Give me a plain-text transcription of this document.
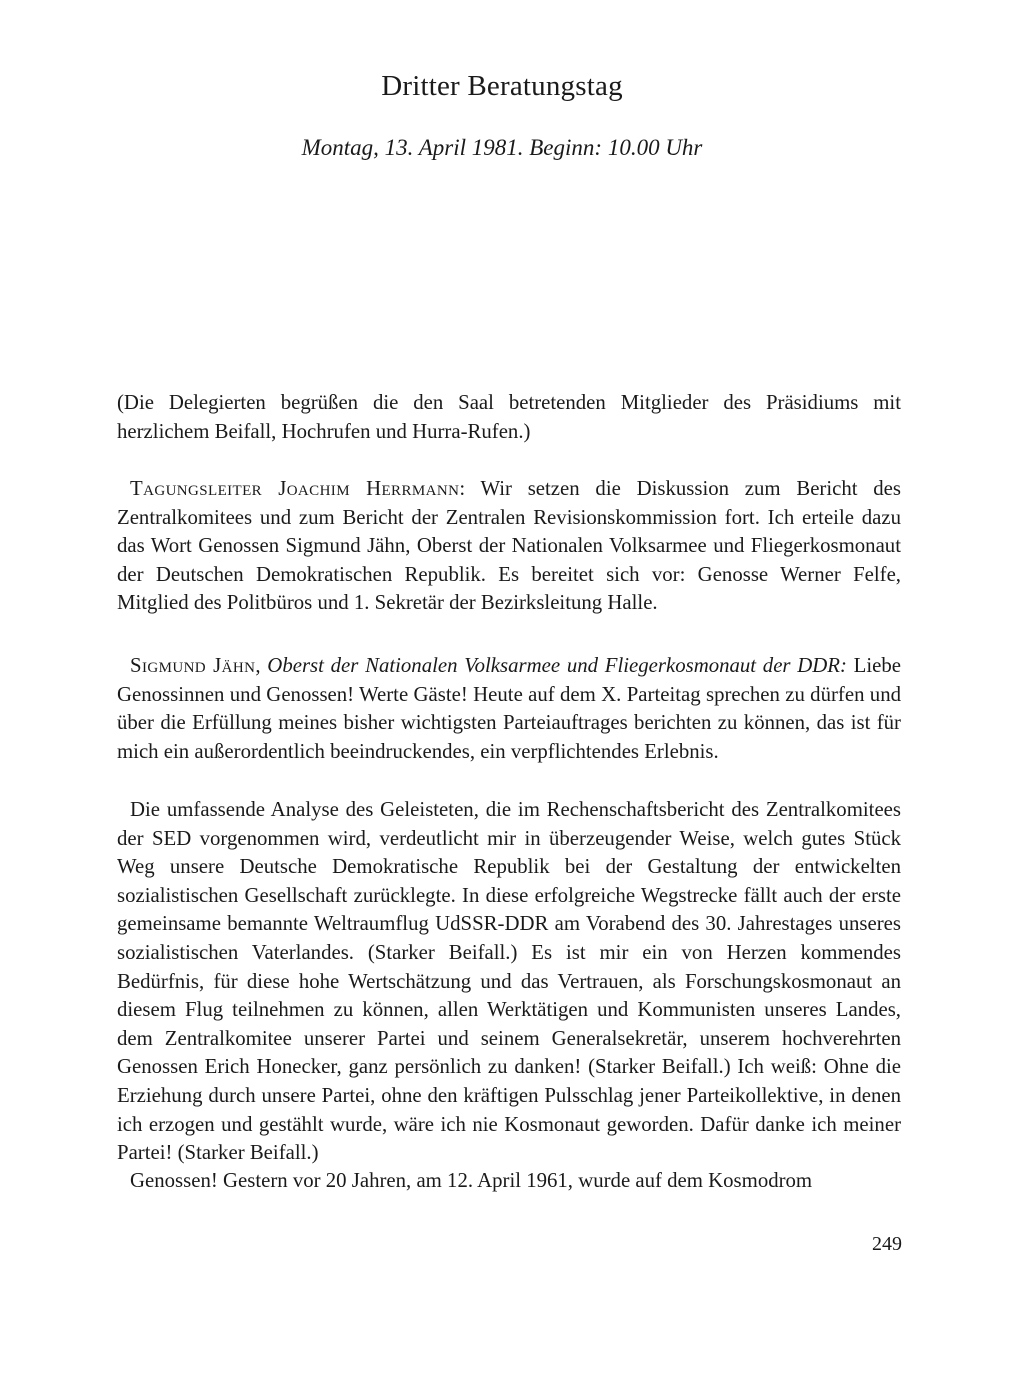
Dritter Beratungstag
Montag, 13. April 1981. Beginn: 10.00 Uhr

(Die Delegierten begrüßen die den Saal betretenden Mitglieder des Präsidiums mit herzlichem Beifall, Hochrufen und Hurra-Rufen.)

Tagungsleiter Joachim Herrmann: Wir setzen die Diskussion zum Bericht des Zentralkomitees und zum Bericht der Zentralen Revisionskommission fort. Ich erteile dazu das Wort Genossen Sigmund Jähn, Oberst der Nationalen Volksarmee und Fliegerkosmonaut der Deutschen Demokratischen Republik. Es bereitet sich vor: Genosse Werner Felfe, Mitglied des Politbüros und 1. Sekretär der Bezirksleitung Halle.

Sigmund Jähn, Oberst der Nationalen Volksarmee und Fliegerkosmonaut der DDR: Liebe Genossinnen und Genossen! Werte Gäste! Heute auf dem X. Parteitag sprechen zu dürfen und über die Erfüllung meines bisher wichtigsten Parteiauftrages berichten zu können, das ist für mich ein außerordentlich beeindruckendes, ein verpflichtendes Erlebnis.

Die umfassende Analyse des Geleisteten, die im Rechenschaftsbericht des Zentralkomitees der SED vorgenommen wird, verdeutlicht mir in überzeugender Weise, welch gutes Stück Weg unsere Deutsche Demokratische Republik bei der Gestaltung der entwickelten sozialistischen Gesellschaft zurücklegte. In diese erfolgreiche Wegstrecke fällt auch der erste gemeinsame bemannte Weltraumflug UdSSR-DDR am Vorabend des 30. Jahrestages unseres sozialistischen Vaterlandes. (Starker Beifall.) Es ist mir ein von Herzen kommendes Bedürfnis, für diese hohe Wertschätzung und das Vertrauen, als Forschungskosmonaut an diesem Flug teilnehmen zu können, allen Werktätigen und Kommunisten unseres Landes, dem Zentralkomitee unserer Partei und seinem Generalsekretär, unserem hochverehrten Genossen Erich Honecker, ganz persönlich zu danken! (Starker Beifall.) Ich weiß: Ohne die Erziehung durch unsere Partei, ohne den kräftigen Pulsschlag jener Parteikollektive, in denen ich erzogen und gestählt wurde, wäre ich nie Kosmonaut geworden. Dafür danke ich meiner Partei! (Starker Beifall.)

Genossen! Gestern vor 20 Jahren, am 12. April 1961, wurde auf dem Kosmodrom

249
